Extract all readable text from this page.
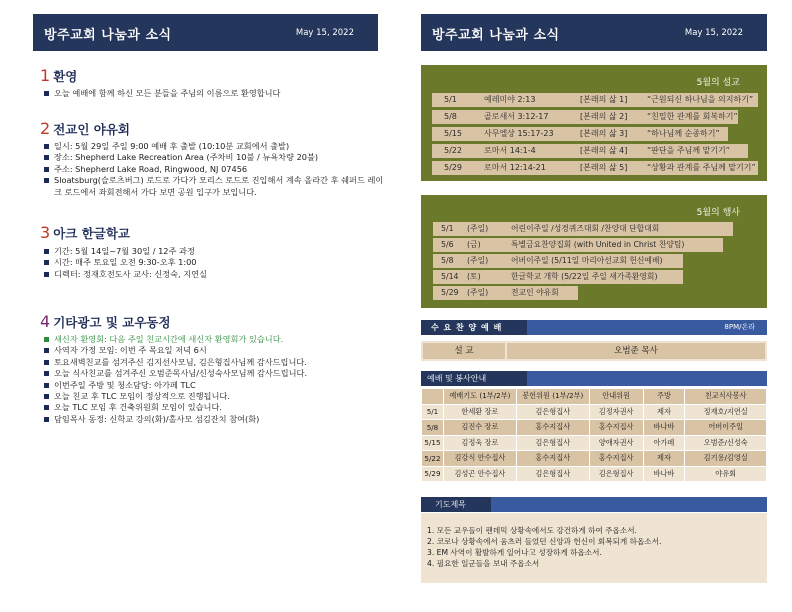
방주교회 나눔과 소식	May 15, 2022
1 환영
오늘 예배에 함께 하신 모든 분들을 주님의 이름으로 환영합니다
2 전교인 야유회
일시: 5월 29일 주일 9:00 예배 후 출발 (10:10분 교회에서 출발)
장소: Shepherd Lake Recreation Area (주차비 10불 / 뉴욕차량 20불)
주소: Shepherd Lake Road, Ringwood, NJ 07456
Sloatsburg(슬로츠버그) 로드로 가다가 모리스 로드로 진입해서 계속 올라간 후 쉐퍼드 레이크 로드에서 좌회전해서 가다 보면 공원 입구가 보입니다.
3 아크 한글학교
기간: 5월 14일~7월 30일 / 12주 과정
시간: 매주 토요일 오전 9:30-오후 1:00
디렉터: 정재호전도사 교사: 신정숙, 지연실
4 기타광고 및 교우동정
새신자 환영회: 다음 주일 친교시간에 새신자 환영회가 있습니다.
사역자 가정 모임: 이번 주 목요일 저녁 6시
토요새벽친교를 섬겨주신 김지선사모님, 김은형집사님께 감사드립니다.
오늘 식사친교를 섬겨주신 오범준목사님/신성숙사모님께 감사드립니다.
이번주일 주방 및 청소담당: 아가페 TLC
오늘 친교 후 TLC 모임이 정상적으로 진행됩니다.
오늘 TLC 모임 후 건축위원회 모임이 있습니다.
담임목사 동정: 신학교 강의(화)/홀사모 섬김잔치 참여(화)
방주교회 나눔과 소식	May 15, 2022
5월의 설교
5/1	예레미야 2:13	[본래의 삶 1] “근원되신 하나님을 의지하기”
5/8	골로새서 3:12-17	[본래의 삶 2] “친밀한 관계를 회복하기”
5/15	사무엘상 15:17-23	[본래의 삶 3] “하나님께 순종하기”
5/22	로마서 14:1-4	[본래의 삶 4] “판단을 주님께 맡기기”
5/29	로마서 12:14-21	[본래의 삶 5] “상황과 관계를 주님께 맡기기”
5월의 행사
5/1 (주일)	어린이주일 /성경퀴즈대회 /찬양대 단합대회
5/6 (금)	특별금요찬양집회 (with United in Christ 찬양팀)
5/8 (주일)	어버이주일 (5/11일 마리아선교회 헌신예배)
5/14 (토)	한글학교 개학 (5/22일 주일 새가족환영회)
5/29 (주일)	전교인 야유회
수 요 찬 양 예 배	8PM/온라
설 교	오범준 목사
예배 및 봉사안내
	예배기도 (1부/2부)	봉헌위원 (1부/2부)	안내위원	주방	친교식사봉사
5/1	한세환 장로	김은형집사	김정자권사	제자	정재호/지연실
5/8	김진수 장로	홍수지집사	홍수지집사	바나바	어버이주일
5/15	김정욱 장로	김은형집사	양애자권사	아가페	오범준/신성숙
5/22	김강식 안수집사	홍수지집사	홍수지집사	제자	김기용/김영실
5/29	김성곤 안수집사	김은형집사	김은형집사	바나바	야유회
기도제목
1. 모든 교우들이 팬데믹 상황속에서도 강건하게 하여 주옵소서.
2. 코로나 상황속에서 움츠러 들었던 신앙과 헌신이 회복되게 하옵소서.
3. EM 사역이 활발하게 일어나고 성장하게 하옵소서.
4. 필요한 일군들을 보내 주옵소서
